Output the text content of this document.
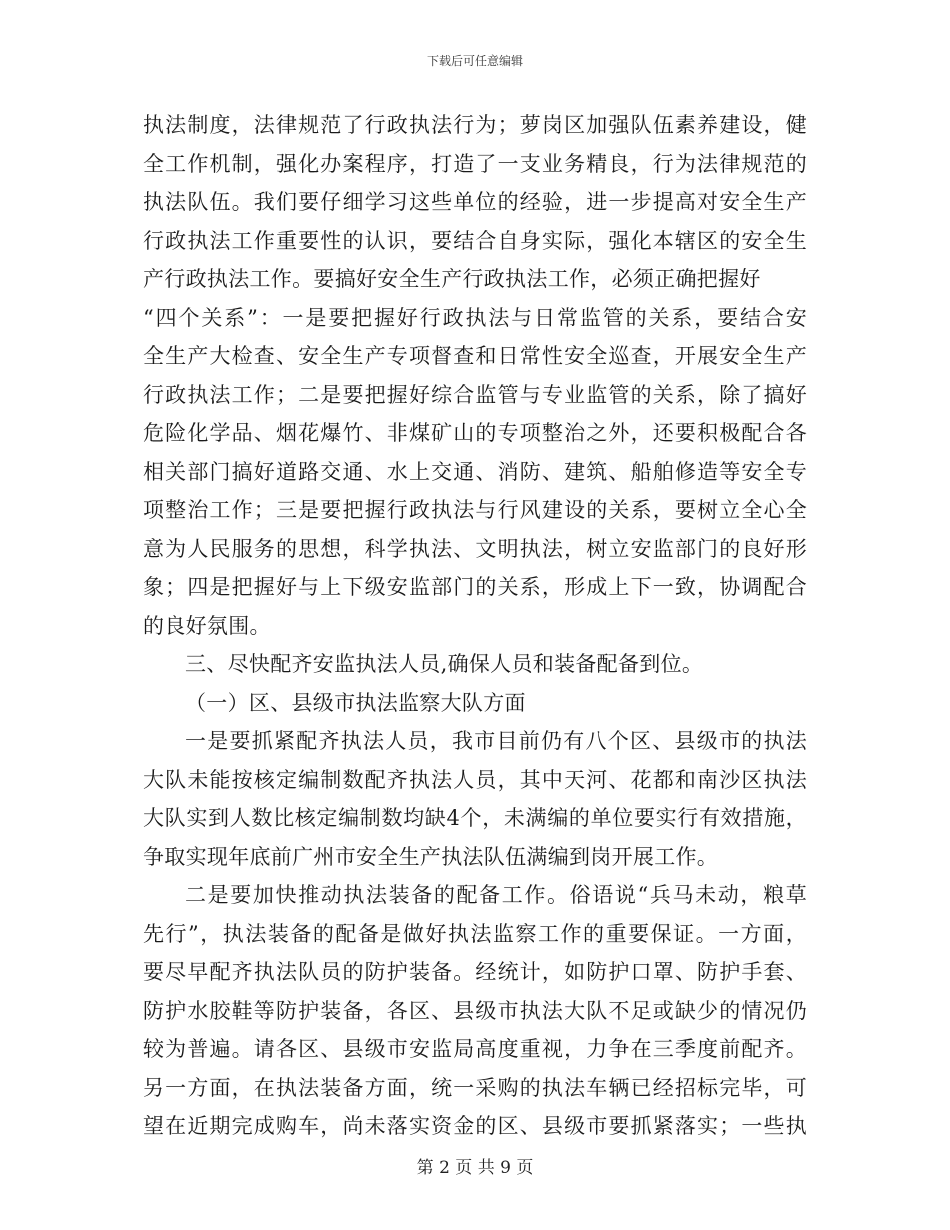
下载后可任意编辑
执法制度，法律规范了行政执法行为；萝岗区加强队伍素养建设，健
全工作机制，强化办案程序，打造了一支业务精良，行为法律规范的
执法队伍。我们要仔细学习这些单位的经验，进一步提高对安全生产
行政执法工作重要性的认识，要结合自身实际，强化本辖区的安全生
产行政执法工作。要搞好安全生产行政执法工作，必须正确把握好
“四个关系”：一是要把握好行政执法与日常监管的关系，要结合安
全生产大检查、安全生产专项督查和日常性安全巡查，开展安全生产
行政执法工作；二是要把握好综合监管与专业监管的关系，除了搞好
危险化学品、烟花爆竹、非煤矿山的专项整治之外，还要积极配合各
相关部门搞好道路交通、水上交通、消防、建筑、船舶修造等安全专
项整治工作；三是要把握行政执法与行风建设的关系，要树立全心全
意为人民服务的思想，科学执法、文明执法，树立安监部门的良好形
象；四是把握好与上下级安监部门的关系，形成上下一致，协调配合
的良好氛围。
三、尽快配齐安监执法人员,确保人员和装备配备到位。
（一）区、县级市执法监察大队方面
一是要抓紧配齐执法人员，我市目前仍有八个区、县级市的执法
大队未能按核定编制数配齐执法人员，其中天河、花都和南沙区执法
大队实到人数比核定编制数均缺4个，未满编的单位要实行有效措施，
争取实现年底前广州市安全生产执法队伍满编到岗开展工作。
二是要加快推动执法装备的配备工作。俗语说“兵马未动，粮草
先行”，执法装备的配备是做好执法监察工作的重要保证。一方面，
要尽早配齐执法队员的防护装备。经统计，如防护口罩、防护手套、
防护水胶鞋等防护装备，各区、县级市执法大队不足或缺少的情况仍
较为普遍。请各区、县级市安监局高度重视，力争在三季度前配齐。
另一方面，在执法装备方面，统一采购的执法车辆已经招标完毕，可
望在近期完成购车，尚未落实资金的区、县级市要抓紧落实；一些执
第 2 页 共 9 页
